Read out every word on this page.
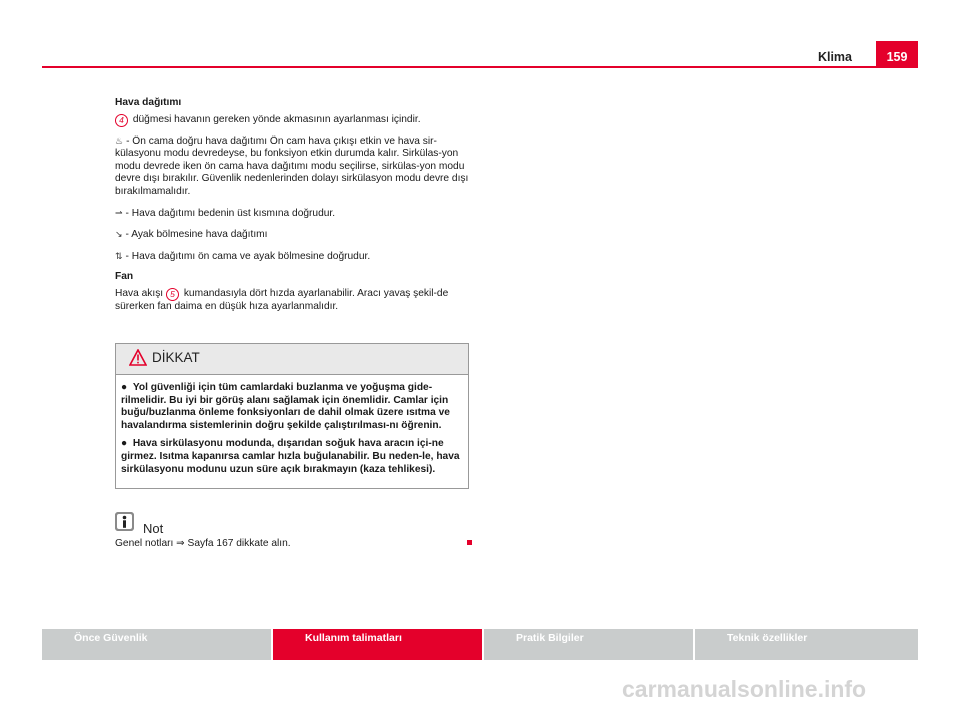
Klima	159

Hava dağıtımı

4 düğmesi havanın gereken yönde akmasının ayarlanması içindir.

♨ - Ön cama doğru hava dağıtımı Ön cam hava çıkışı etkin ve hava sir-külasyonu modu devredeyse, bu fonksiyon etkin durumda kalır. Sirkülas-yon modu devrede iken ön cama hava dağıtımı modu seçilirse, sirkülas-yon modu devre dışı bırakılır. Güvenlik nedenlerinden dolayı sirkülasyon modu devre dışı bırakılmamalıdır.

⇀ - Hava dağıtımı bedenin üst kısmına doğrudur.

↘ - Ayak bölmesine hava dağıtımı

⇅ - Hava dağıtımı ön cama ve ayak bölmesine doğrudur.

Fan

Hava akışı 5 kumandasıyla dört hızda ayarlanabilir. Aracı yavaş şekil-de sürerken fan daima en düşük hıza ayarlanmalıdır.

DİKKAT

●  Yol güvenliği için tüm camlardaki buzlanma ve yoğuşma gide-rilmelidir. Bu iyi bir görüş alanı sağlamak için önemlidir. Camlar için buğu/buzlanma önleme fonksiyonları de dahil olmak üzere ısıtma ve havalandırma sistemlerinin doğru şekilde çalıştırılması-nı öğrenin.

●  Hava sirkülasyonu modunda, dışarıdan soğuk hava aracın içi-ne girmez. Isıtma kapanırsa camlar hızla buğulanabilir. Bu neden-le, hava sirkülasyonu modunu uzun süre açık bırakmayın (kaza tehlikesi).

Not
Genel notları ⇒ Sayfa 167 dikkate alın.
Önce Güvenlik	Kullanım talimatları	Pratik Bilgiler	Teknik özellikler
carmanualsonline.info
